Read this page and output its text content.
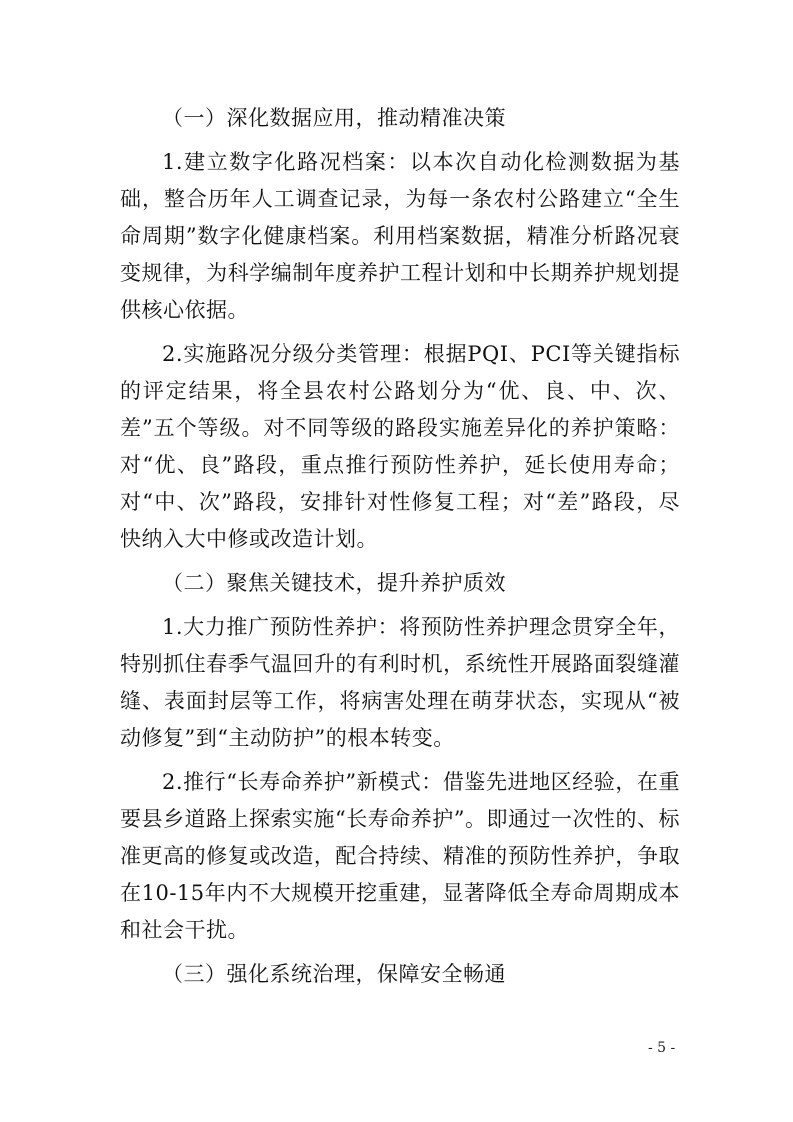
（一）深化数据应用，推动精准决策

1.建立数字化路况档案：以本次自动化检测数据为基础，整合历年人工调查记录，为每一条农村公路建立“全生命周期”数字化健康档案。利用档案数据，精准分析路况衰变规律，为科学编制年度养护工程计划和中长期养护规划提供核心依据。

2.实施路况分级分类管理：根据PQI、PCI等关键指标的评定结果，将全县农村公路划分为“优、良、中、次、差”五个等级。对不同等级的路段实施差异化的养护策略：对“优、良”路段，重点推行预防性养护，延长使用寿命；对“中、次”路段，安排针对性修复工程；对“差”路段，尽快纳入大中修或改造计划。

（二）聚焦关键技术，提升养护质效

1.大力推广预防性养护：将预防性养护理念贯穿全年，特别抓住春季气温回升的有利时机，系统性开展路面裂缝灌缝、表面封层等工作，将病害处理在萌芽状态，实现从“被动修复”到“主动防护”的根本转变。

2.推行“长寿命养护”新模式：借鉴先进地区经验，在重要县乡道路上探索实施“长寿命养护”。即通过一次性的、标准更高的修复或改造，配合持续、精准的预防性养护，争取在10-15年内不大规模开挖重建，显著降低全寿命周期成本和社会干扰。

（三）强化系统治理，保障安全畅通

- 5 -
